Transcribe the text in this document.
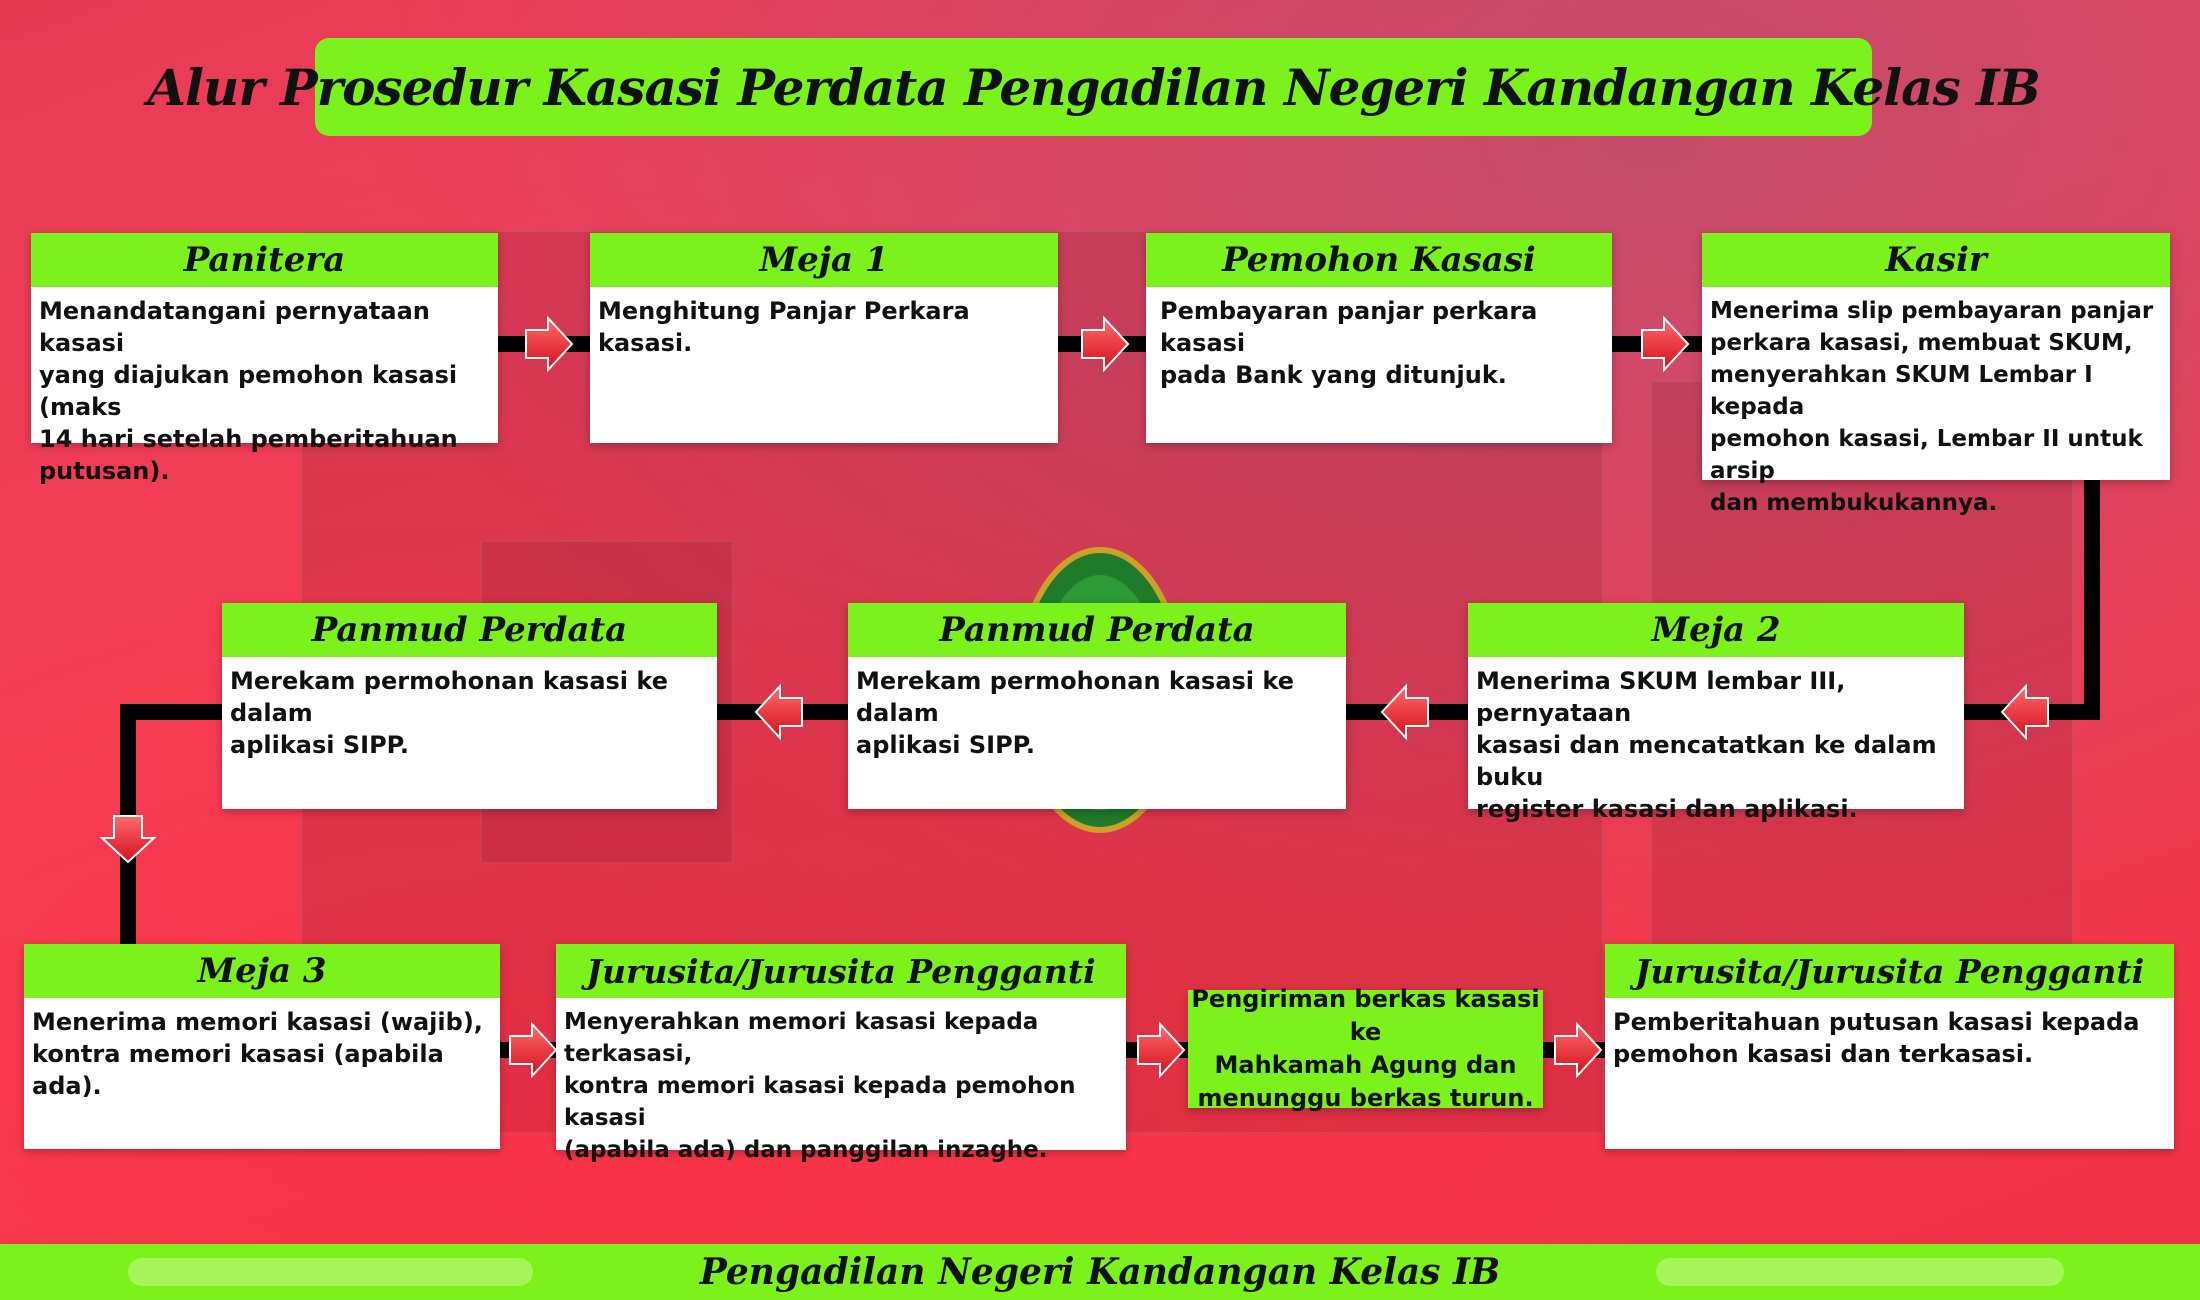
Alur Prosedur Kasasi Perdata Pengadilan Negeri Kandangan Kelas IB
Panitera
Menandatangani pernyataan kasasi
yang diajukan pemohon kasasi (maks
14 hari setelah pemberitahuan
putusan).
Meja 1
Menghitung Panjar Perkara kasasi.
Pemohon Kasasi
Pembayaran panjar perkara kasasi
pada Bank yang ditunjuk.
Kasir
Menerima slip pembayaran panjar
perkara kasasi, membuat SKUM,
menyerahkan SKUM Lembar I kepada
pemohon kasasi, Lembar II untuk arsip
dan membukukannya.
Meja 2
Menerima SKUM lembar III, pernyataan
kasasi dan mencatatkan ke dalam buku
register kasasi dan aplikasi.
Panmud Perdata
Merekam permohonan kasasi ke dalam
aplikasi SIPP.
Panmud Perdata
Merekam permohonan kasasi ke dalam
aplikasi SIPP.
Meja 3
Menerima memori kasasi (wajib),
kontra memori kasasi (apabila ada).
Jurusita/Jurusita Pengganti
Menyerahkan memori kasasi kepada terkasasi,
kontra memori kasasi kepada pemohon kasasi
(apabila ada) dan panggilan inzaghe.
Pengiriman berkas kasasi ke
Mahkamah Agung dan
menunggu berkas turun.
Jurusita/Jurusita Pengganti
Pemberitahuan putusan kasasi kepada
pemohon kasasi dan terkasasi.
Pengadilan Negeri Kandangan Kelas IB
